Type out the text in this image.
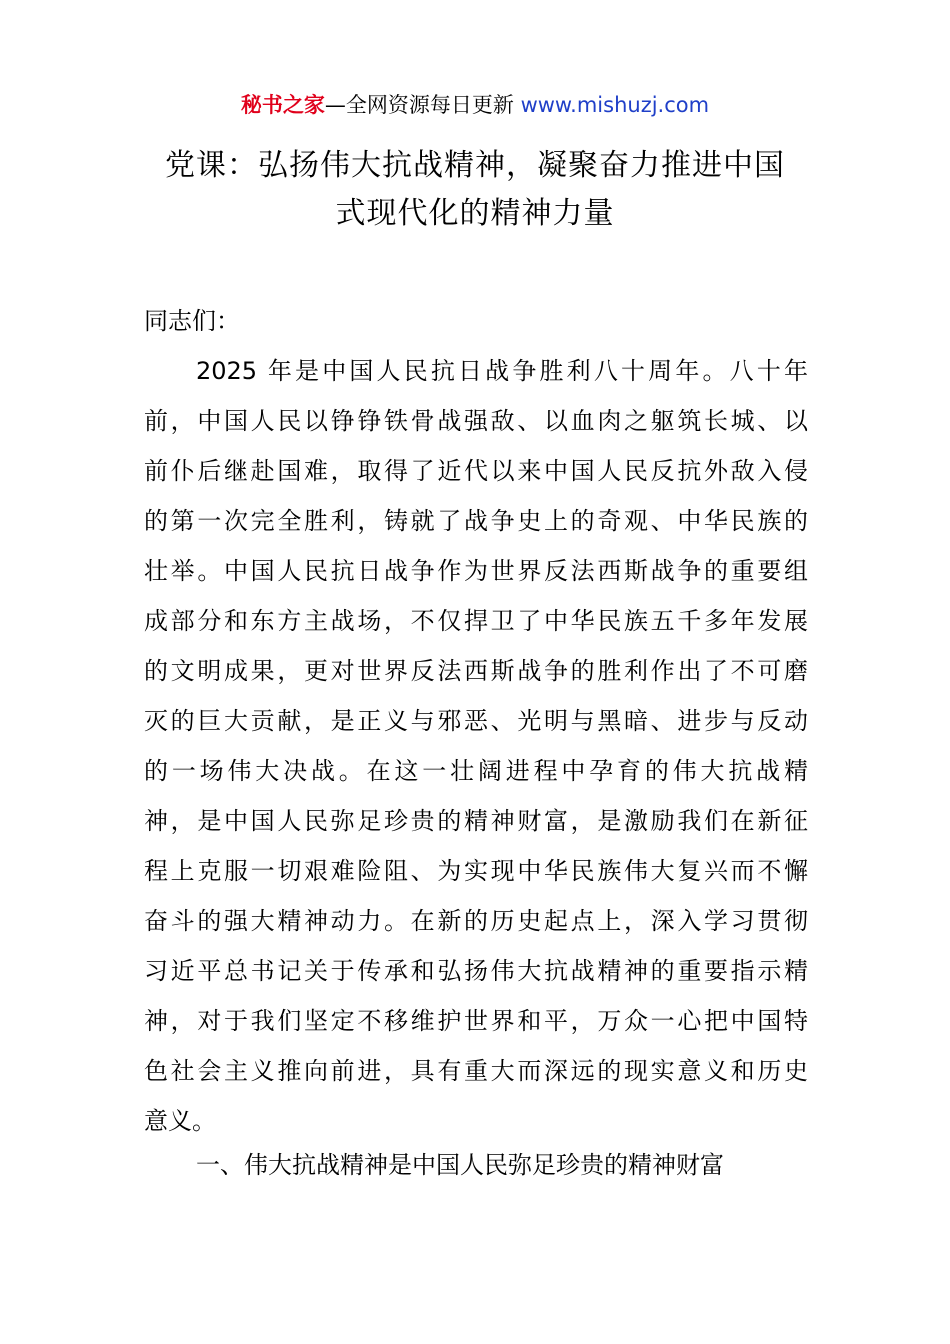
秘书之家—全网资源每日更新 www.mishuzj.com
党课：弘扬伟大抗战精神，凝聚奋力推进中国
式现代化的精神力量
同志们：
2025 年是中国人民抗日战争胜利八十周年。八十年
前，中国人民以铮铮铁骨战强敌、以血肉之躯筑长城、以
前仆后继赴国难，取得了近代以来中国人民反抗外敌入侵
的第一次完全胜利，铸就了战争史上的奇观、中华民族的
壮举。中国人民抗日战争作为世界反法西斯战争的重要组
成部分和东方主战场，不仅捍卫了中华民族五千多年发展
的文明成果，更对世界反法西斯战争的胜利作出了不可磨
灭的巨大贡献，是正义与邪恶、光明与黑暗、进步与反动
的一场伟大决战。在这一壮阔进程中孕育的伟大抗战精
神，是中国人民弥足珍贵的精神财富，是激励我们在新征
程上克服一切艰难险阻、为实现中华民族伟大复兴而不懈
奋斗的强大精神动力。在新的历史起点上，深入学习贯彻
习近平总书记关于传承和弘扬伟大抗战精神的重要指示精
神，对于我们坚定不移维护世界和平，万众一心把中国特
色社会主义推向前进，具有重大而深远的现实意义和历史
意义。
一、伟大抗战精神是中国人民弥足珍贵的精神财富
